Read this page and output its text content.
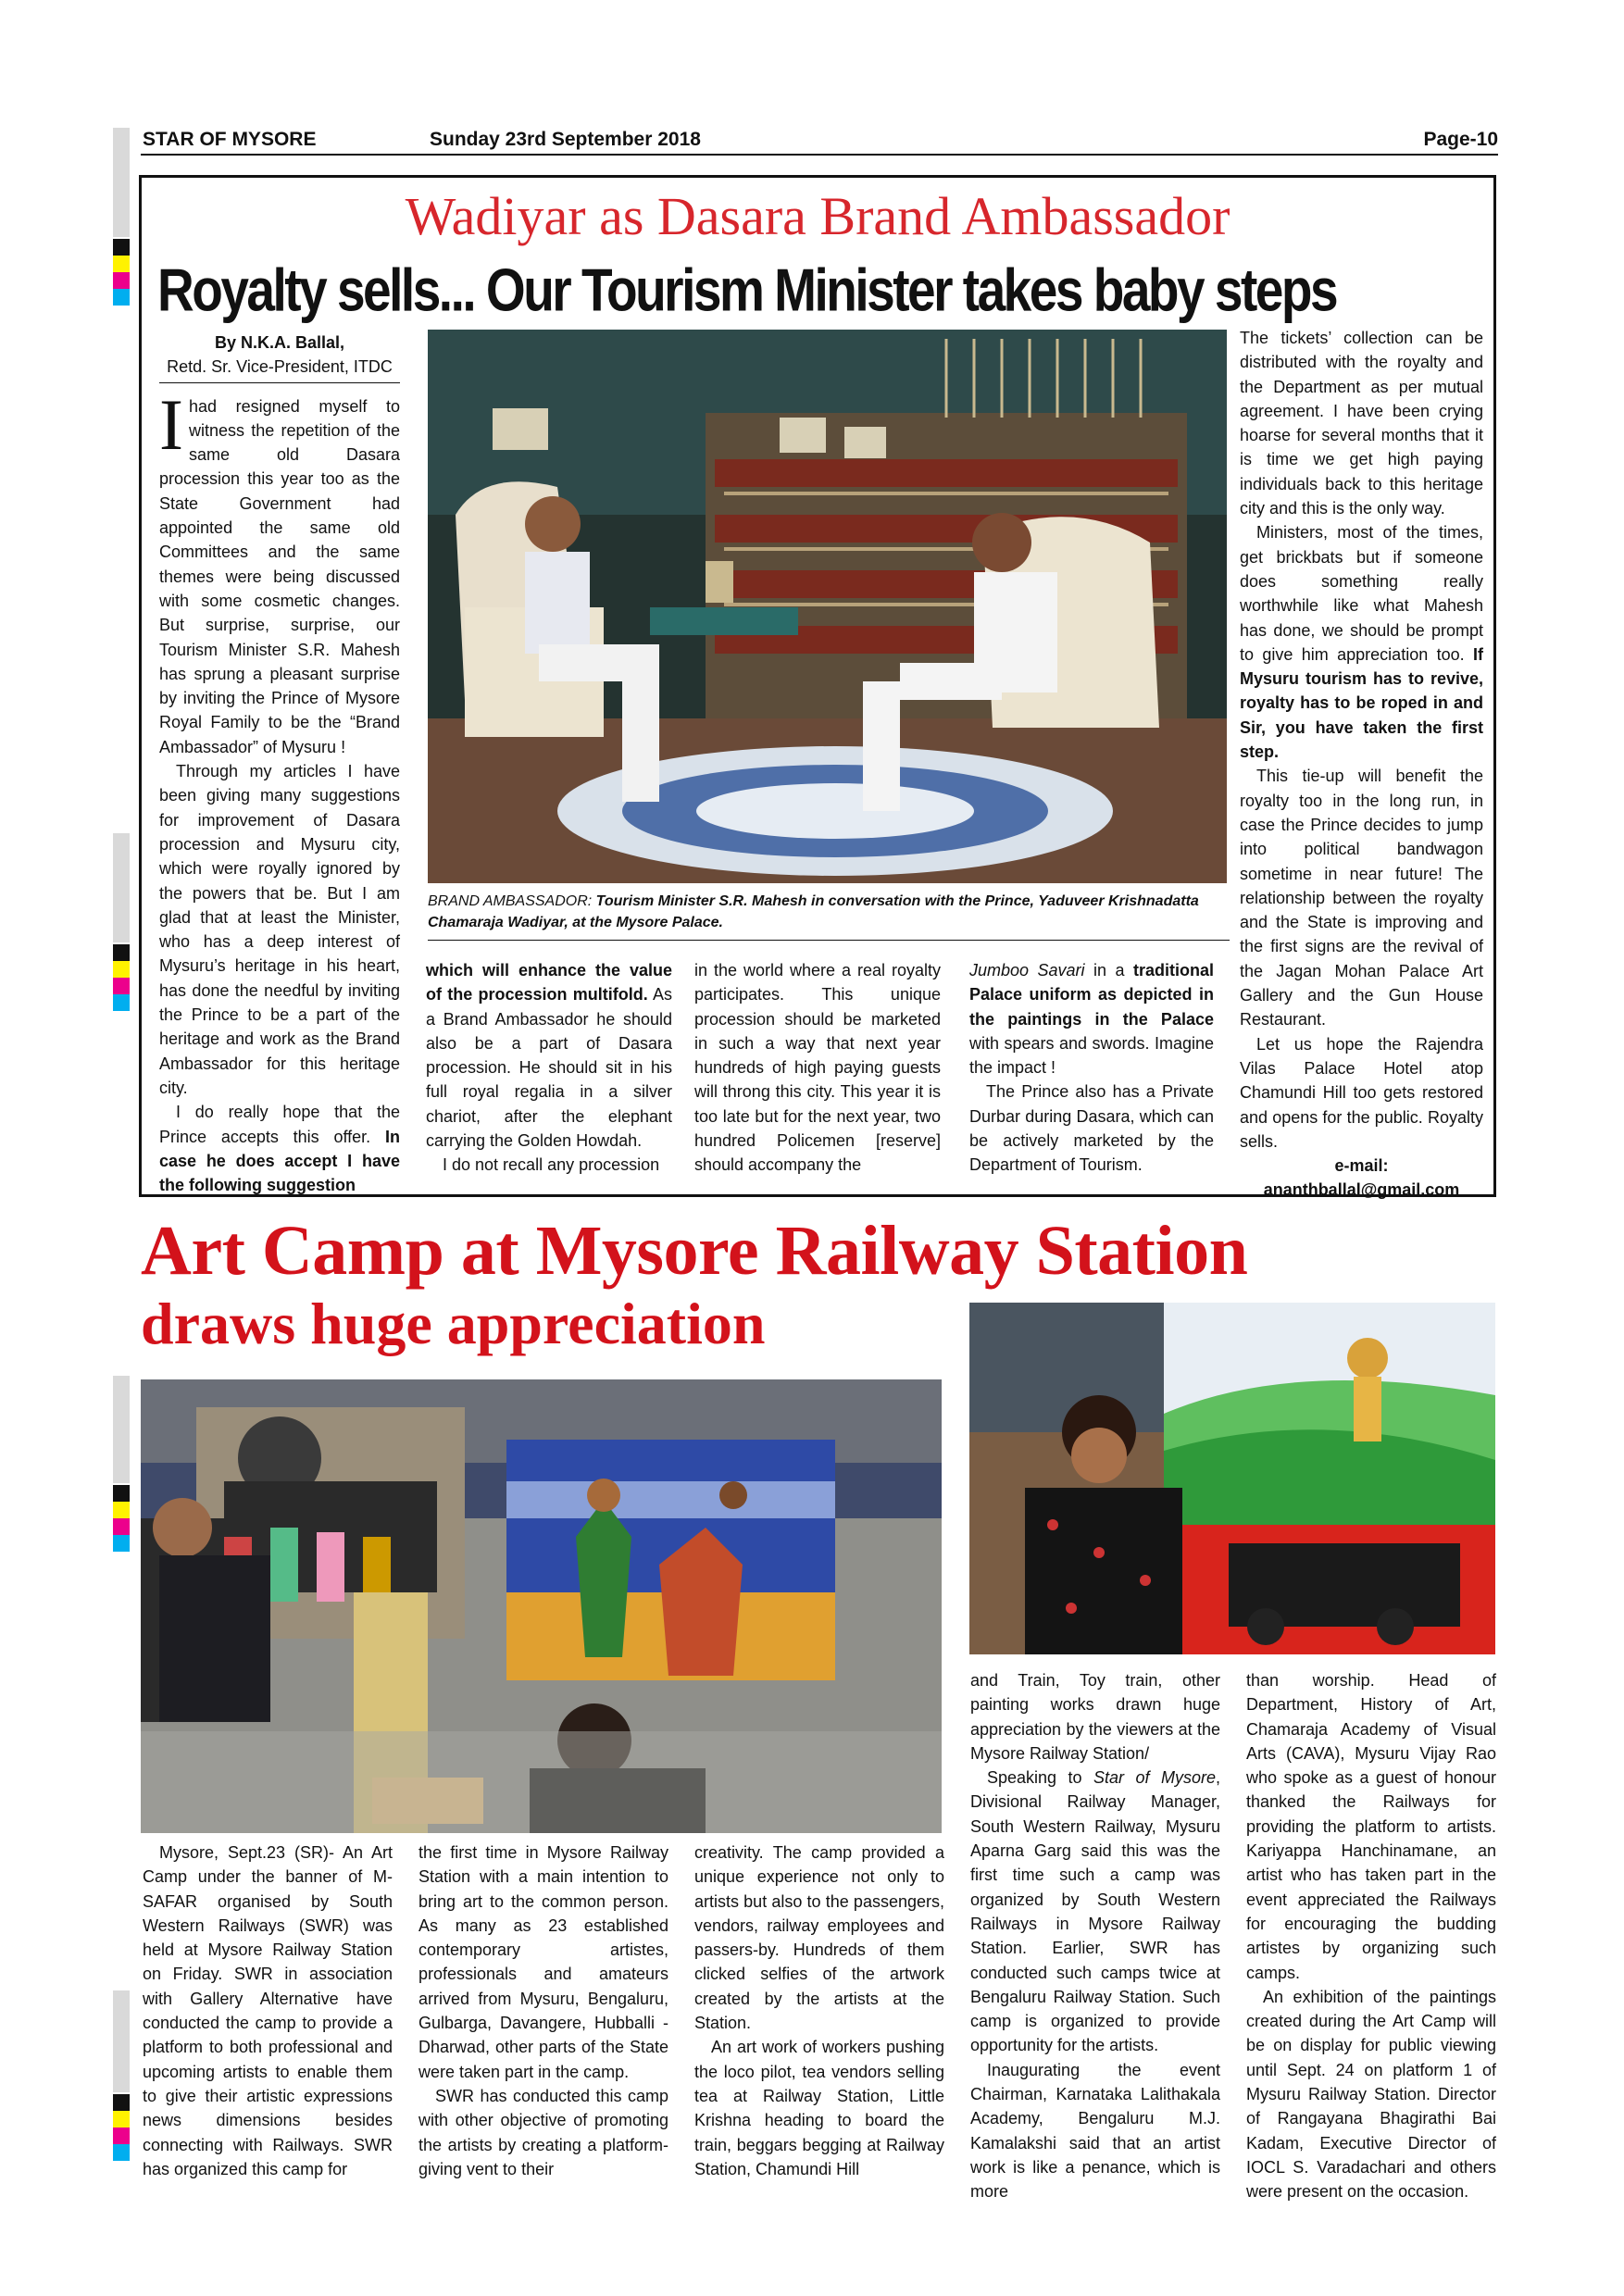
STAR OF MYSORE	Sunday 23rd September 2018	Page-10
Wadiyar as Dasara Brand Ambassador
Royalty sells... Our Tourism Minister takes baby steps
By N.K.A. Ballal,
Retd. Sr. Vice-President, ITDC

Ihad resigned myself to witness the repetition of the same old Dasara procession this year too as the State Government had appointed the same old Committees and the same themes were being discussed with some cosmetic changes. But surprise, surprise, our Tourism Minister S.R. Mahesh has sprung a pleasant surprise by inviting the Prince of Mysore Royal Family to be the “Brand Ambassador” of Mysuru !

Through my articles I have been giving many suggestions for improvement of Dasara procession and Mysuru city, which were royally ignored by the powers that be. But I am glad that at least the Minister, who has a deep interest of Mysuru’s heritage in his heart, has done the needful by inviting the Prince to be a part of the heritage and work as the Brand Ambassador for this heritage city.

I do really hope that the Prince accepts this offer. In case he does accept I have the following suggestion

BRAND AMBASSADOR: Tourism Minister S.R. Mahesh in conversation with the Prince, Yaduveer Krishnadatta Chamaraja Wadiyar, at the Mysore Palace.

which will enhance the value of the procession multifold. As a Brand Ambassador he should also be a part of Dasara procession. He should sit in his full royal regalia in a silver chariot, after the elephant carrying the Golden Howdah.

I do not recall any procession

in the world where a real royalty participates. This unique procession should be marketed in such a way that next year hundreds of high paying guests will throng this city. This year it is too late but for the next year, two hundred Policemen [reserve] should accompany the

Jumboo Savari in a traditional Palace uniform as depicted in the paintings in the Palace with spears and swords. Imagine the impact !

The Prince also has a Private Durbar during Dasara, which can be actively marketed by the Department of Tourism.

The tickets’ collection can be distributed with the royalty and the Department as per mutual agreement. I have been crying hoarse for several months that it is time we get high paying individuals back to this heritage city and this is the only way.

Ministers, most of the times, get brickbats but if someone does something really worthwhile like what Mahesh has done, we should be prompt to give him appreciation too. If Mysuru tourism has to revive, royalty has to be roped in and Sir, you have taken the first step.

This tie-up will benefit the royalty too in the long run, in case the Prince decides to jump into political bandwagon sometime in near future! The relationship between the royalty and the State is improving and the first signs are the revival of the Jagan Mohan Palace Art Gallery and the Gun House Restaurant.

Let us hope the Rajendra Vilas Palace Hotel atop Chamundi Hill too gets restored and opens for the public. Royalty sells.

e-mail:
ananthballal@gmail.com
Art Camp at Mysore Railway Station
draws huge appreciation

Mysore, Sept.23 (SR)- An Art Camp under the banner of M- SAFAR organised by South Western Railways (SWR) was held at Mysore Railway Station on Friday. SWR in association with Gallery Alternative have conducted the camp to provide a platform to both professional and upcoming artists to enable them to give their artistic expressions news dimensions besides connecting with Railways. SWR has organized this camp for

the first time in Mysore Railway Station with a main intention to bring art to the common person. As many as 23 established contemporary artistes, professionals and amateurs arrived from Mysuru, Bengaluru, Gulbarga, Davangere, Hubballi -Dharwad, other parts of the State were taken part in the camp.

SWR has conducted this camp with other objective of promoting the artists by creating a platform-giving vent to their

creativity. The camp provided a unique experience not only to artists but also to the passengers, vendors, railway employees and passers-by. Hundreds of them clicked selfies of the artwork created by the artists at the Station.

An art work of workers pushing the loco pilot, tea vendors selling tea at Railway Station, Little Krishna heading to board the train, beggars begging at Railway Station, Chamundi Hill

and Train, Toy train, other painting works drawn huge appreciation by the viewers at the Mysore Railway Station/

Speaking to Star of Mysore, Divisional Railway Manager, South Western Railway, Mysuru Aparna Garg said this was the first time such a camp was organized by South Western Railways in Mysore Railway Station. Earlier, SWR has conducted such camps twice at Bengaluru Railway Station. Such camp is organized to provide opportunity for the artists.

Inaugurating the event Chairman, Karnataka Lalithakala Academy, Bengaluru M.J. Kamalakshi said that an artist work is like a penance, which is more

than worship. Head of Department, History of Art, Chamaraja Academy of Visual Arts (CAVA), Mysuru Vijay Rao who spoke as a guest of honour thanked the Railways for providing the platform to artists. Kariyappa Hanchinamane, an artist who has taken part in the event appreciated the Railways for encouraging the budding artistes by organizing such camps.

An exhibition of the paintings created during the Art Camp will be on display for public viewing until Sept. 24 on platform 1 of Mysuru Railway Station. Director of Rangayana Bhagirathi Bai Kadam, Executive Director of IOCL S. Varadachari and others were present on the occasion.
